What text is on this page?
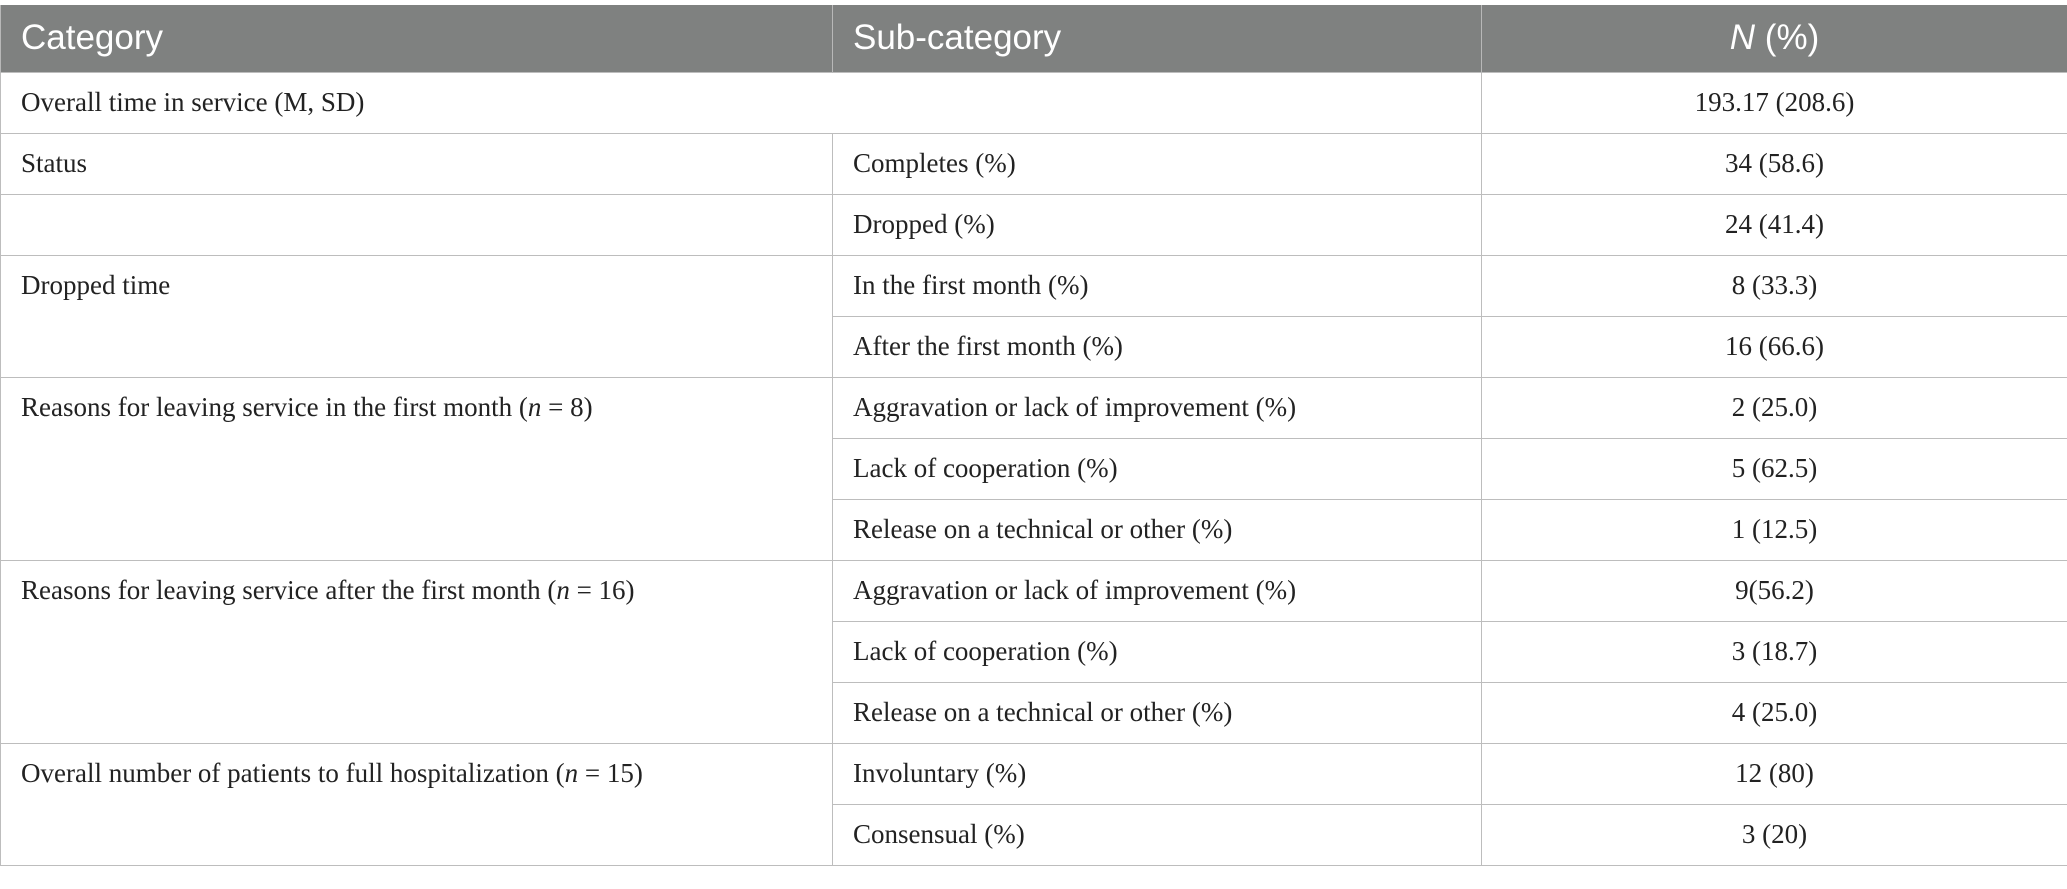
Category	Sub-category	N (%)
Overall time in service (M, SD)		193.17 (208.6)
Status	Completes (%)	34 (58.6)
	Dropped (%)	24 (41.4)
Dropped time	In the first month (%)	8 (33.3)
	After the first month (%)	16 (66.6)
Reasons for leaving service in the first month (n = 8)	Aggravation or lack of improvement (%)	2 (25.0)
	Lack of cooperation (%)	5 (62.5)
	Release on a technical or other (%)	1 (12.5)
Reasons for leaving service after the first month (n = 16)	Aggravation or lack of improvement (%)	9(56.2)
	Lack of cooperation (%)	3 (18.7)
	Release on a technical or other (%)	4 (25.0)
Overall number of patients to full hospitalization (n = 15)	Involuntary (%)	12 (80)
	Consensual (%)	3 (20)
